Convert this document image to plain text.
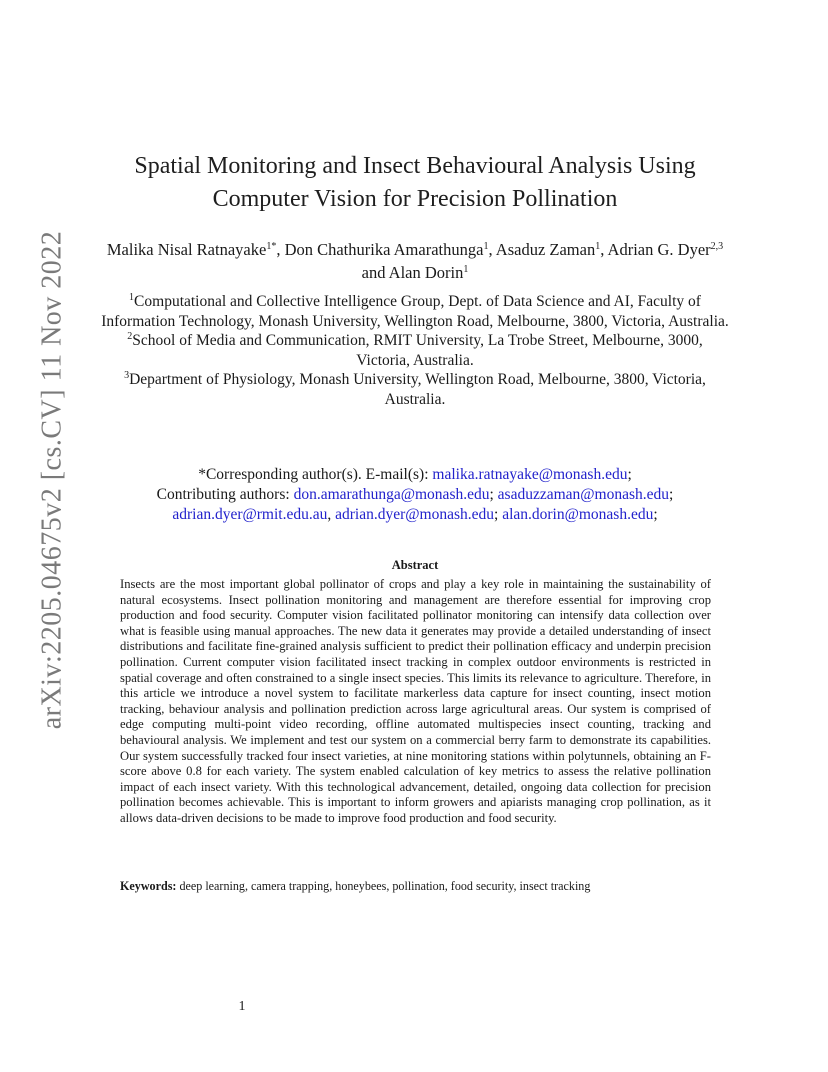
arXiv:2205.04675v2 [cs.CV] 11 Nov 2022
Spatial Monitoring and Insect Behavioural Analysis Using
Computer Vision for Precision Pollination
Malika Nisal Ratnayake$^{1*}$, Don Chathurika Amarathunga$^1$, Asaduz Zaman$^1$, Adrian G. Dyer$^{2,3}$ and Alan Dorin$^1$

$^1$Computational and Collective Intelligence Group, Dept. of Data Science and AI, Faculty of Information Technology, Monash University, Wellington Road, Melbourne, 3800, Victoria, Australia.

$^2$School of Media and Communication, RMIT University, La Trobe Street, Melbourne, 3000, Victoria, Australia.

$^3$Department of Physiology, Monash University, Wellington Road, Melbourne, 3800, Victoria, Australia.

*Corresponding author(s). E-mail(s): malika.ratnayake@monash.edu;
Contributing authors: don.amarathunga@monash.edu; asaduzzaman@monash.edu;
adrian.dyer@rmit.edu.au, adrian.dyer@monash.edu; alan.dorin@monash.edu;
Abstract

Insects are the most important global pollinator of crops and play a key role in maintaining the sustainability of natural ecosystems. Insect pollination monitoring and management are therefore essential for improving crop production and food security. Computer vision facilitated pollinator monitoring can intensify data collection over what is feasible using manual approaches. The new data it generates may provide a detailed understanding of insect distributions and facilitate fine-grained analysis sufficient to predict their pollination efficacy and underpin precision pollination. Current computer vision facilitated insect tracking in complex outdoor environments is restricted in spatial coverage and often constrained to a single insect species. This limits its relevance to agriculture. Therefore, in this article we introduce a novel system to facilitate markerless data capture for insect counting, insect motion tracking, behaviour analysis and pollination prediction across large agricultural areas. Our system is comprised of edge computing multi-point video recording, offline automated multispecies insect counting, tracking and behavioural analysis. We implement and test our system on a commercial berry farm to demonstrate its capabilities. Our system successfully tracked four insect varieties, at nine monitoring stations within polytunnels, obtaining an F-score above 0.8 for each variety. The system enabled calculation of key metrics to assess the relative pollination impact of each insect variety. With this technological advancement, detailed, ongoing data collection for precision pollination becomes achievable. This is important to inform growers and apiarists managing crop pollination, as it allows data-driven decisions to be made to improve food production and food security.

Keywords: deep learning, camera trapping, honeybees, pollination, food security, insect tracking
1
